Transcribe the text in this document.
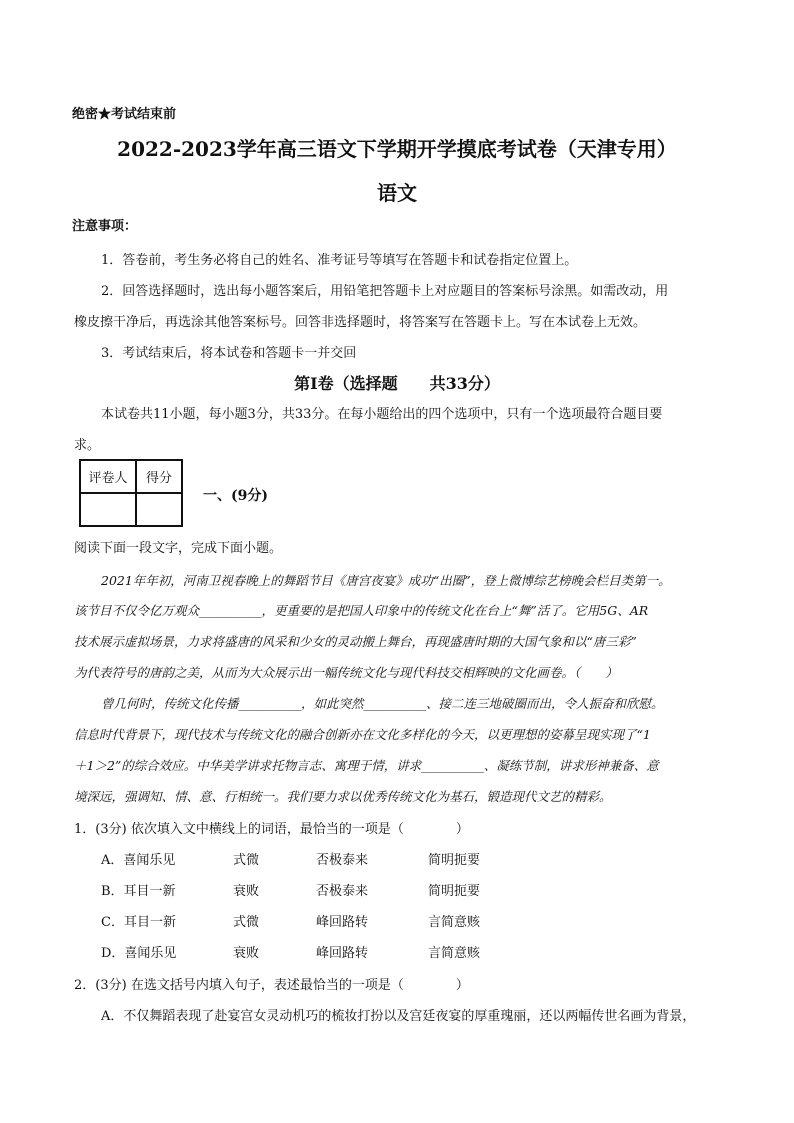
绝密★考试结束前
2022-2023学年高三语文下学期开学摸底考试卷（天津专用）
语文
注意事项：
1．答卷前，考生务必将自己的姓名、准考证号等填写在答题卡和试卷指定位置上。
2．回答选择题时，选出每小题答案后，用铅笔把答题卡上对应题目的答案标号涂黑。如需改动，用
橡皮擦干净后，再选涂其他答案标号。回答非选择题时，将答案写在答题卡上。写在本试卷上无效。
3．考试结束后，将本试卷和答题卡一并交回
第Ⅰ卷（选择题　　共33分）
本试卷共11小题，每小题3分，共33分。在每小题给出的四个选项中，只有一个选项最符合题目要
求。
评卷人	得分

一、(9分)
阅读下面一段文字，完成下面小题。
2021年年初，河南卫视春晚上的舞蹈节目《唐宫夜宴》成功“出圈”，登上微博综艺榜晚会栏目类第一。
该节目不仅令亿万观众__________，更重要的是把国人印象中的传统文化在台上“舞”活了。它用5G、AR
技术展示虚拟场景，力求将盛唐的风采和少女的灵动搬上舞台，再现盛唐时期的大国气象和以“唐三彩”
为代表符号的唐韵之美，从而为大众展示出一幅传统文化与现代科技交相辉映的文化画卷。（　　）
曾几何时，传统文化传播__________，如此突然__________、接二连三地破圈而出，令人振奋和欣慰。
信息时代背景下，现代技术与传统文化的融合创新亦在文化多样化的今天，以更理想的姿幕呈现实现了“1
＋1＞2”的综合效应。中华美学讲求托物言志、寓理于情，讲求__________、凝练节制，讲求形神兼备、意
境深远，强调知、情、意、行相统一。我们要力求以优秀传统文化为基石，锻造现代文艺的精彩。
1．(3分) 依次填入文中横线上的词语，最恰当的一项是（　　　　）
A．喜闻乐见	式微	否极泰来	简明扼要
B．耳目一新	衰败	否极泰来	简明扼要
C．耳目一新	式微	峰回路转	言简意赅
D．喜闻乐见	衰败	峰回路转	言简意赅
2．(3分) 在选文括号内填入句子，表述最恰当的一项是（　　　　）
A．不仅舞蹈表现了赴宴宫女灵动机巧的梳妆打扮以及宫廷夜宴的厚重瑰丽，还以两幅传世名画为背景，
